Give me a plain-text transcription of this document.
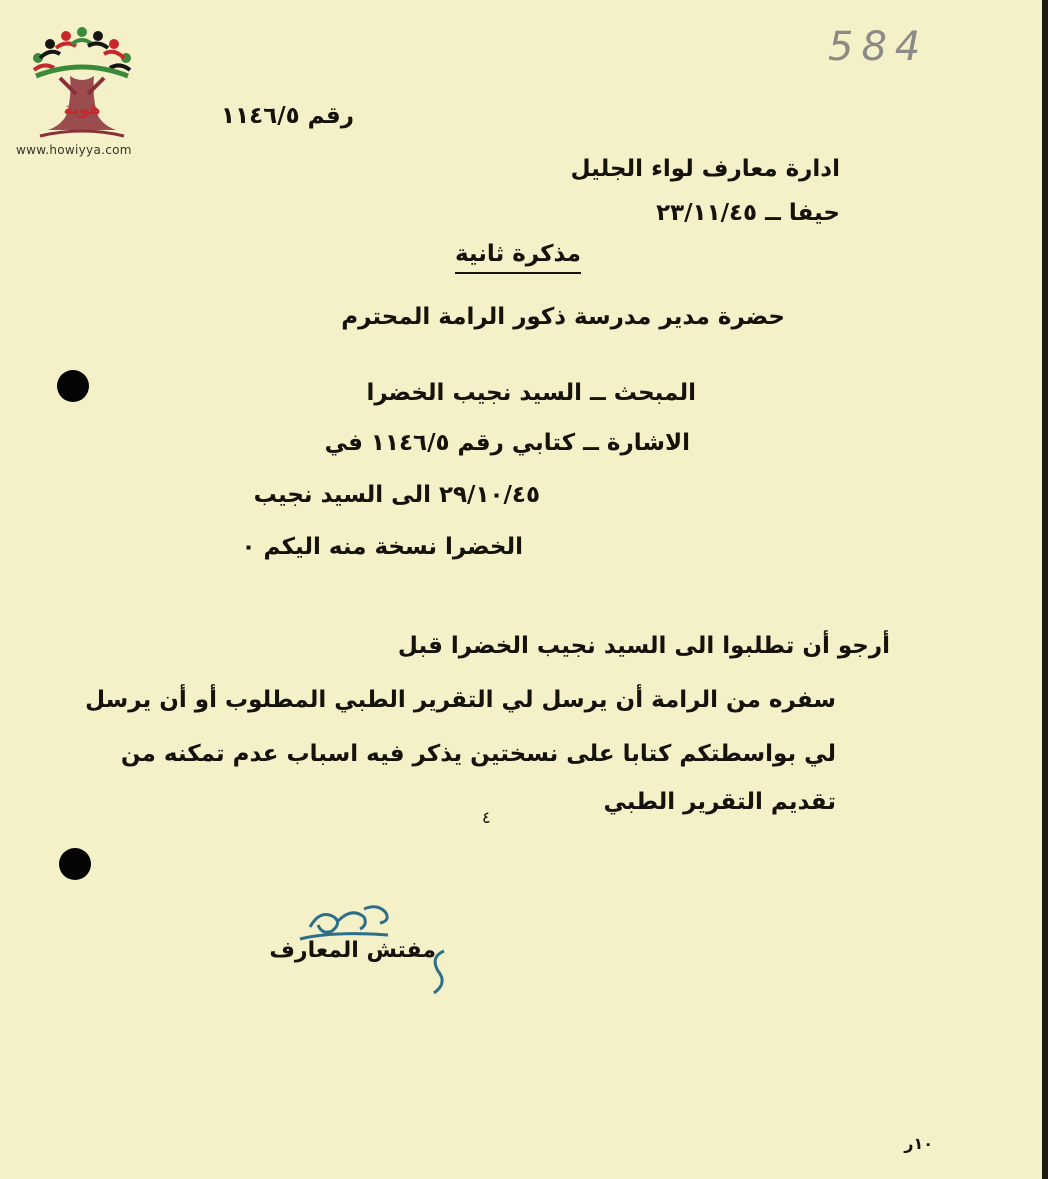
هوية
www.howiyya.com
584
رقم ١١٤٦/٥
ادارة معارف لواء الجليل
حيفا ــ ٢٣/١١/٤٥
مذكرة ثانية
حضرة مدير مدرسة ذكور الرامة المحترم
المبحث ــ السيد نجيب الخضرا
الاشارة ــ كتابي رقم ١١٤٦/٥ في
٢٩/١٠/٤٥ الى السيد نجيب
الخضرا نسخة منه اليكم ٠
أرجو أن تطلبوا الى السيد نجيب الخضرا قبل
سفره من الرامة أن يرسل لي التقرير الطبي المطلوب أو أن يرسل
لي بواسطتكم كتابا على نسختين يذكر فيه اسباب عدم تمكنه من
تقديم التقرير الطبي
٤
مفتش المعارف
١٠ر
